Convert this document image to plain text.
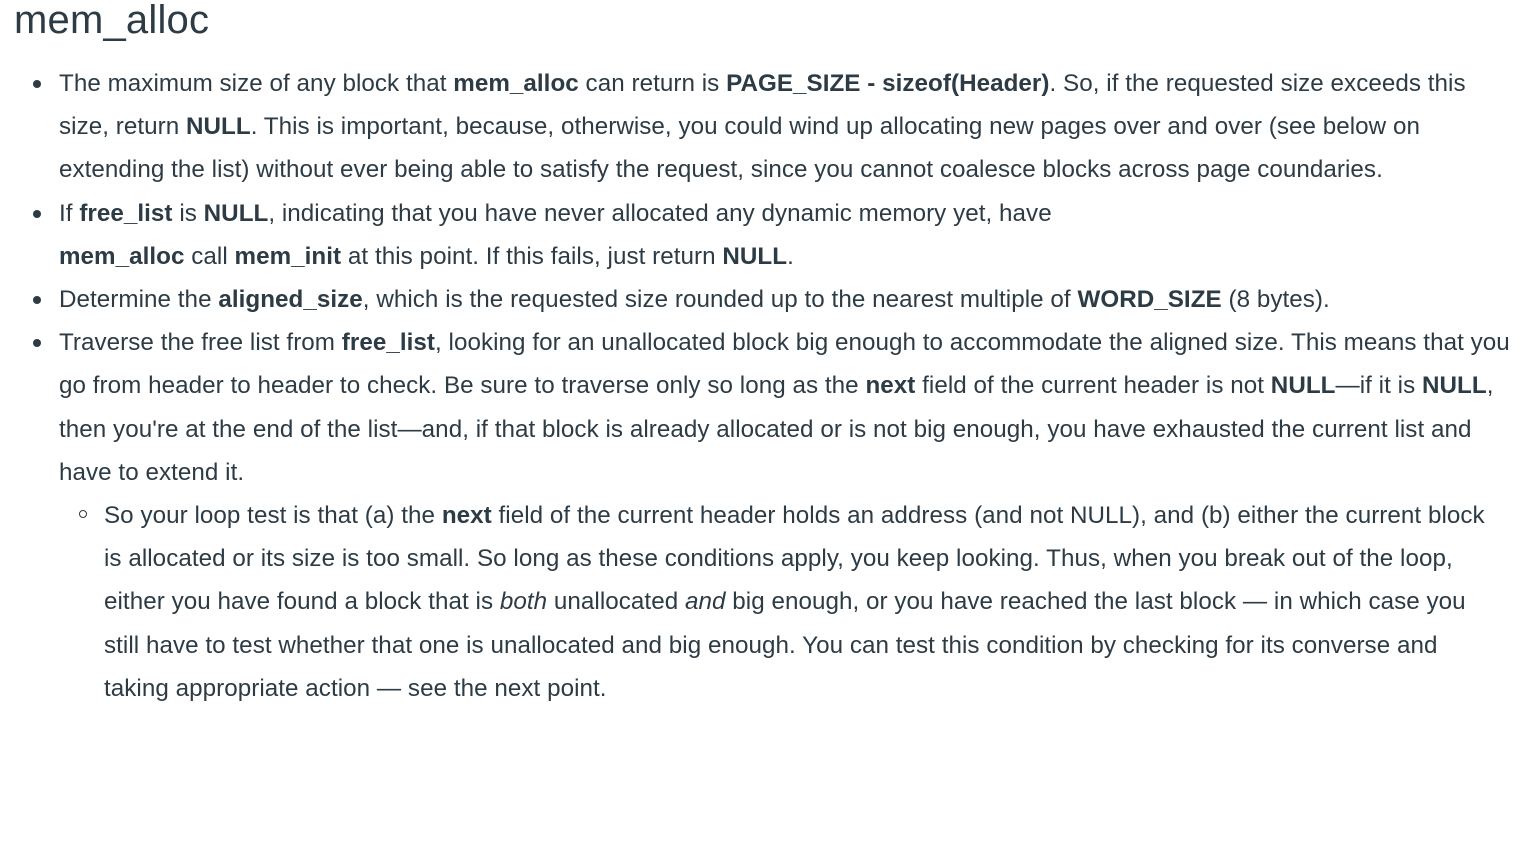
mem_alloc
The maximum size of any block that mem_alloc can return is PAGE_SIZE - sizeof(Header). So, if the requested size exceeds this size, return NULL. This is important, because, otherwise, you could wind up allocating new pages over and over (see below on extending the list) without ever being able to satisfy the request, since you cannot coalesce blocks across page coundaries.
If free_list is NULL, indicating that you have never allocated any dynamic memory yet, have
mem_alloc call mem_init at this point. If this fails, just return NULL.
Determine the aligned_size, which is the requested size rounded up to the nearest multiple of WORD_SIZE (8 bytes).
Traverse the free list from free_list, looking for an unallocated block big enough to accommodate the aligned size. This means that you go from header to header to check. Be sure to traverse only so long as the next field of the current header is not NULL—if it is NULL, then you're at the end of the list—and, if that block is already allocated or is not big enough, you have exhausted the current list and have to extend it.
So your loop test is that (a) the next field of the current header holds an address (and not NULL), and (b) either the current block is allocated or its size is too small. So long as these conditions apply, you keep looking. Thus, when you break out of the loop, either you have found a block that is both unallocated and big enough, or you have reached the last block — in which case you still have to test whether that one is unallocated and big enough. You can test this condition by checking for its converse and taking appropriate action — see the next point.
